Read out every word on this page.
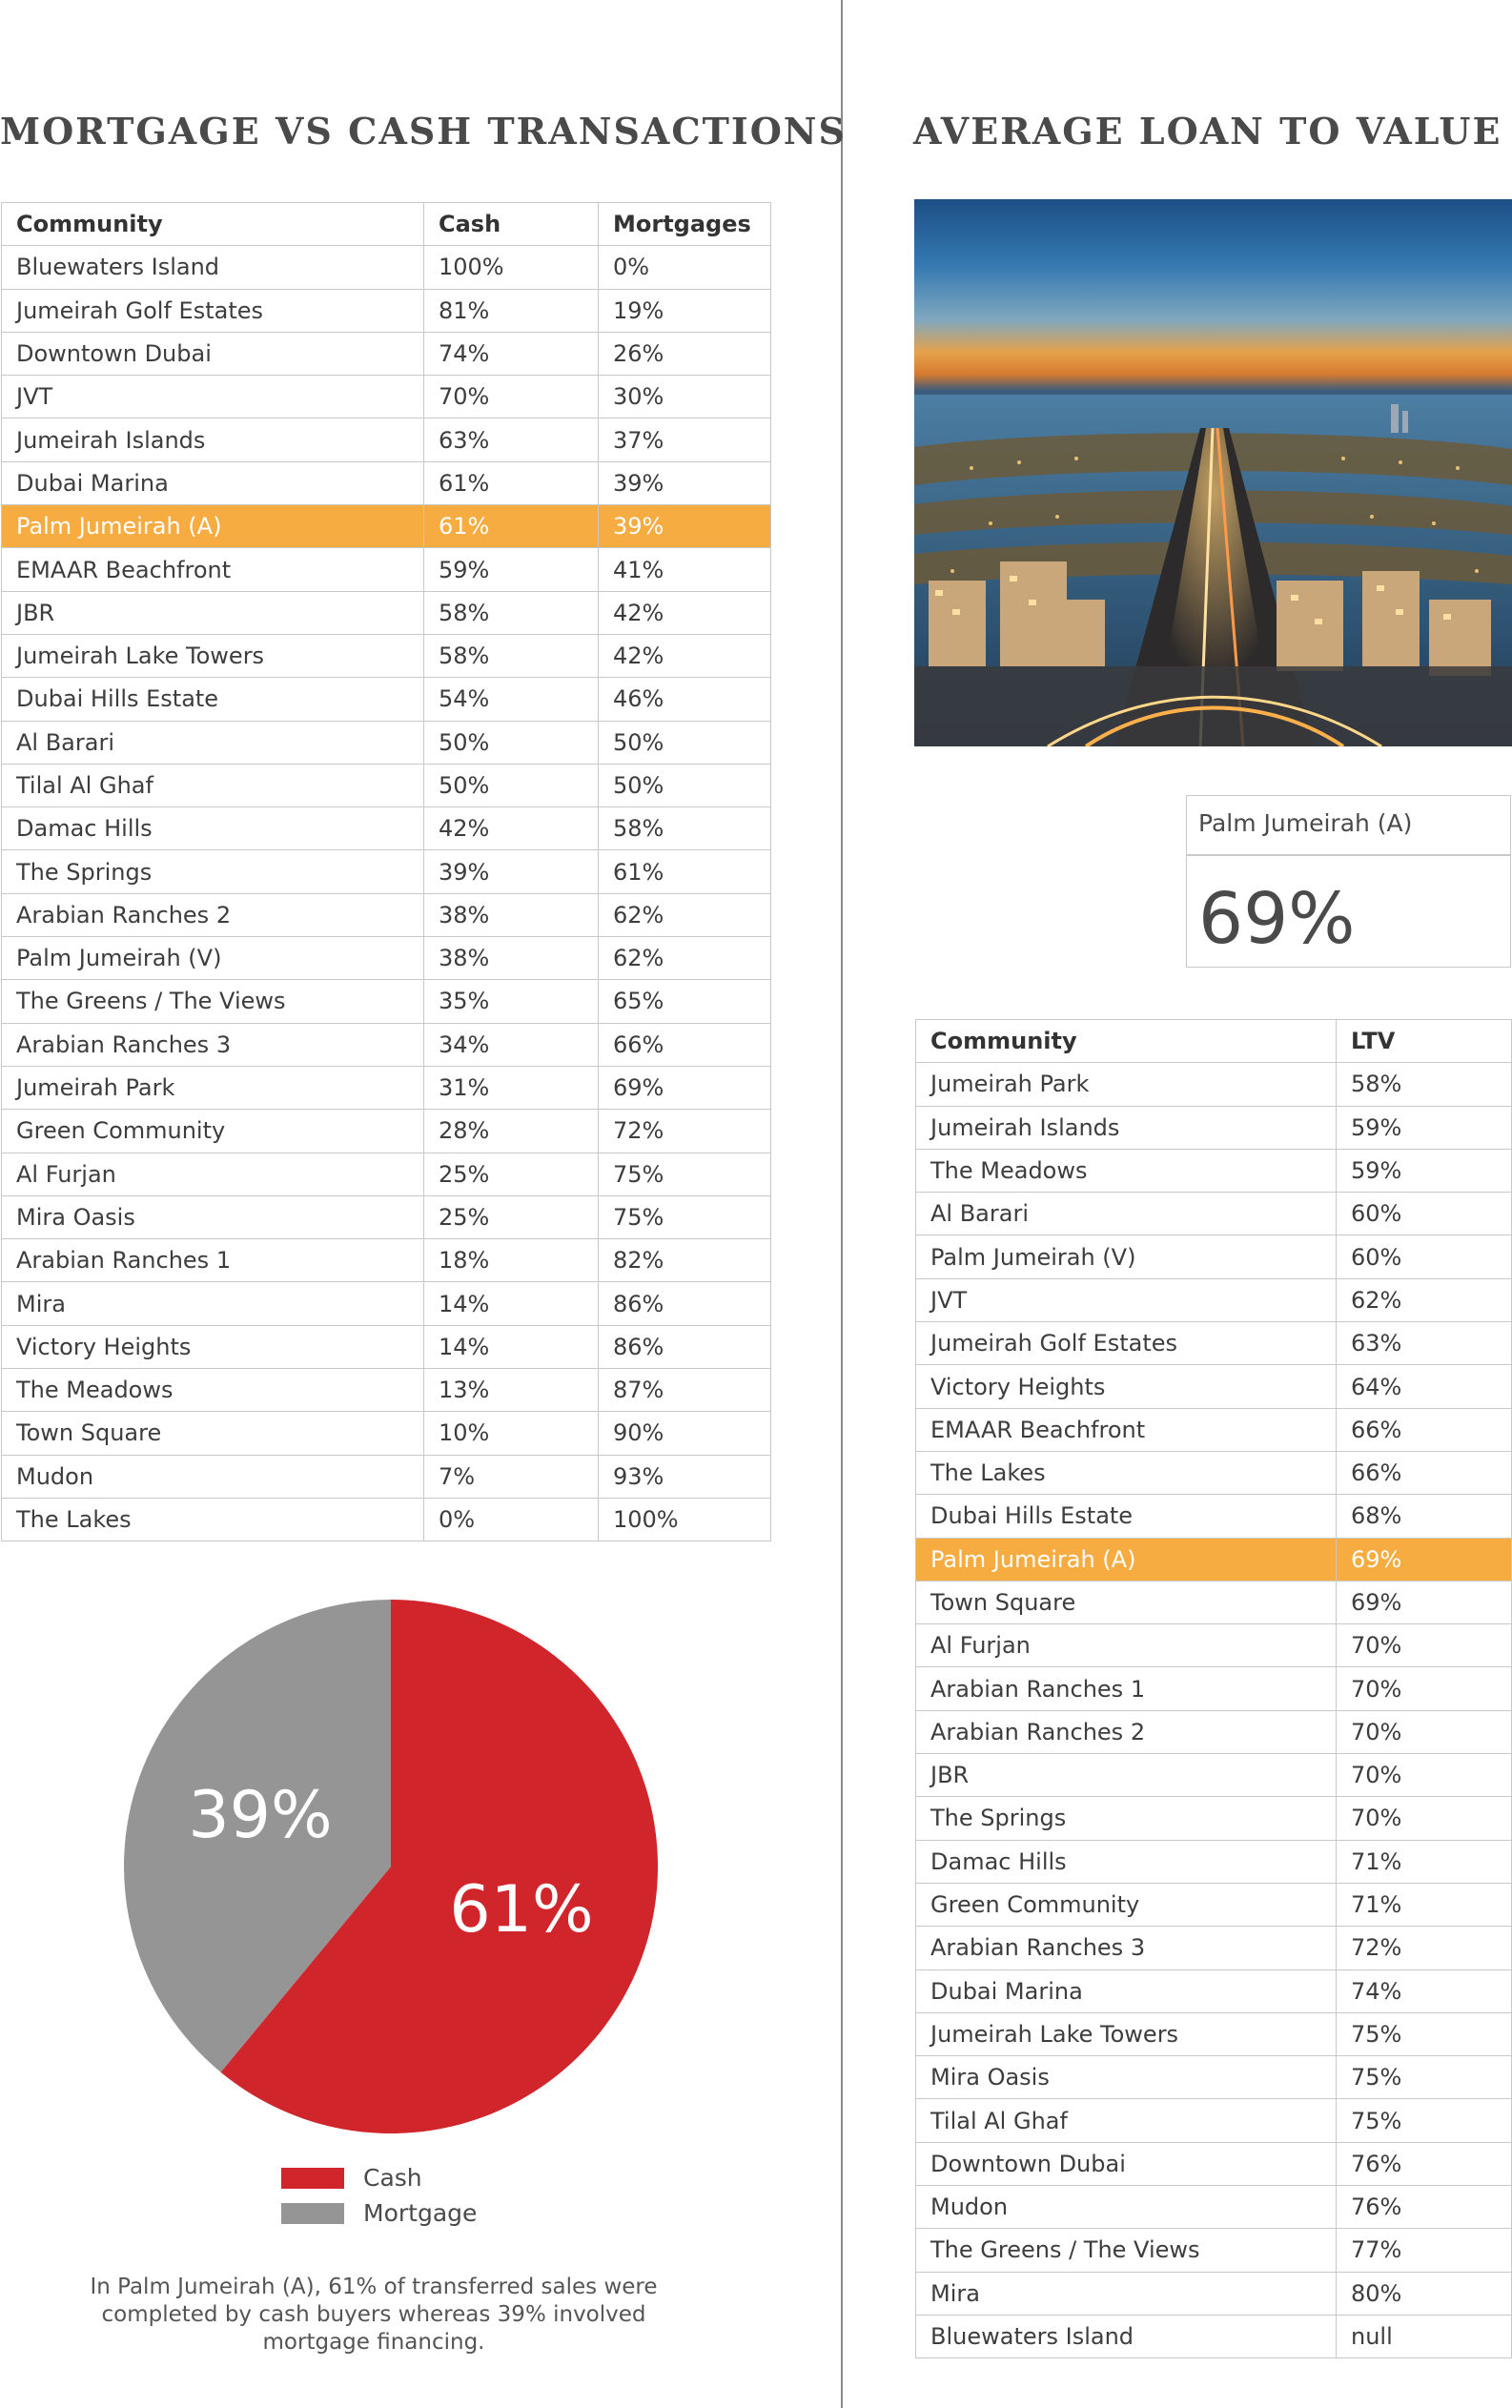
MORTGAGE VS CASH TRANSACTIONS AVERAGE LOAN TO VALUE
Community	Cash	Mortgages
Bluewaters Island	100%	0%
Jumeirah Golf Estates	81%	19%
Downtown Dubai	74%	26%
JVT	70%	30%
Jumeirah Islands	63%	37%
Dubai Marina	61%	39%
Palm Jumeirah (A)	61%	39%
EMAAR Beachfront	59%	41%
JBR	58%	42%
Jumeirah Lake Towers	58%	42%
Dubai Hills Estate	54%	46%
Al Barari	50%	50%
Tilal Al Ghaf	50%	50%
Damac Hills	42%	58%
The Springs	39%	61%
Arabian Ranches 2	38%	62%
Palm Jumeirah (V)	38%	62%
The Greens / The Views	35%	65%
Arabian Ranches 3	34%	66%
Jumeirah Park	31%	69%
Green Community	28%	72%
Al Furjan	25%	75%
Mira Oasis	25%	75%
Arabian Ranches 1	18%	82%
Mira	14%	86%
Victory Heights	14%	86%
The Meadows	13%	87%
Town Square	10%	90%
Mudon	7%	93%
The Lakes	0%	100%
Palm Jumeirah (A)
69%
Community	LTV
Jumeirah Park	58%
Jumeirah Islands	59%
The Meadows	59%
Al Barari	60%
Palm Jumeirah (V)	60%
JVT	62%
Jumeirah Golf Estates	63%
Victory Heights	64%
EMAAR Beachfront	66%
The Lakes	66%
Dubai Hills Estate	68%
Palm Jumeirah (A)	69%
Town Square	69%
Al Furjan	70%
Arabian Ranches 1	70%
Arabian Ranches 2	70%
JBR	70%
The Springs	70%
Damac Hills	71%
Green Community	71%
Arabian Ranches 3	72%
Dubai Marina	74%
Jumeirah Lake Towers	75%
Mira Oasis	75%
Tilal Al Ghaf	75%
Downtown Dubai	76%
Mudon	76%
The Greens / The Views	77%
Mira	80%
Bluewaters Island	null
61%
39%
Cash
Mortgage

In Palm Jumeirah (A), 61% of transferred sales were completed by cash buyers whereas 39% involved mortgage financing.
